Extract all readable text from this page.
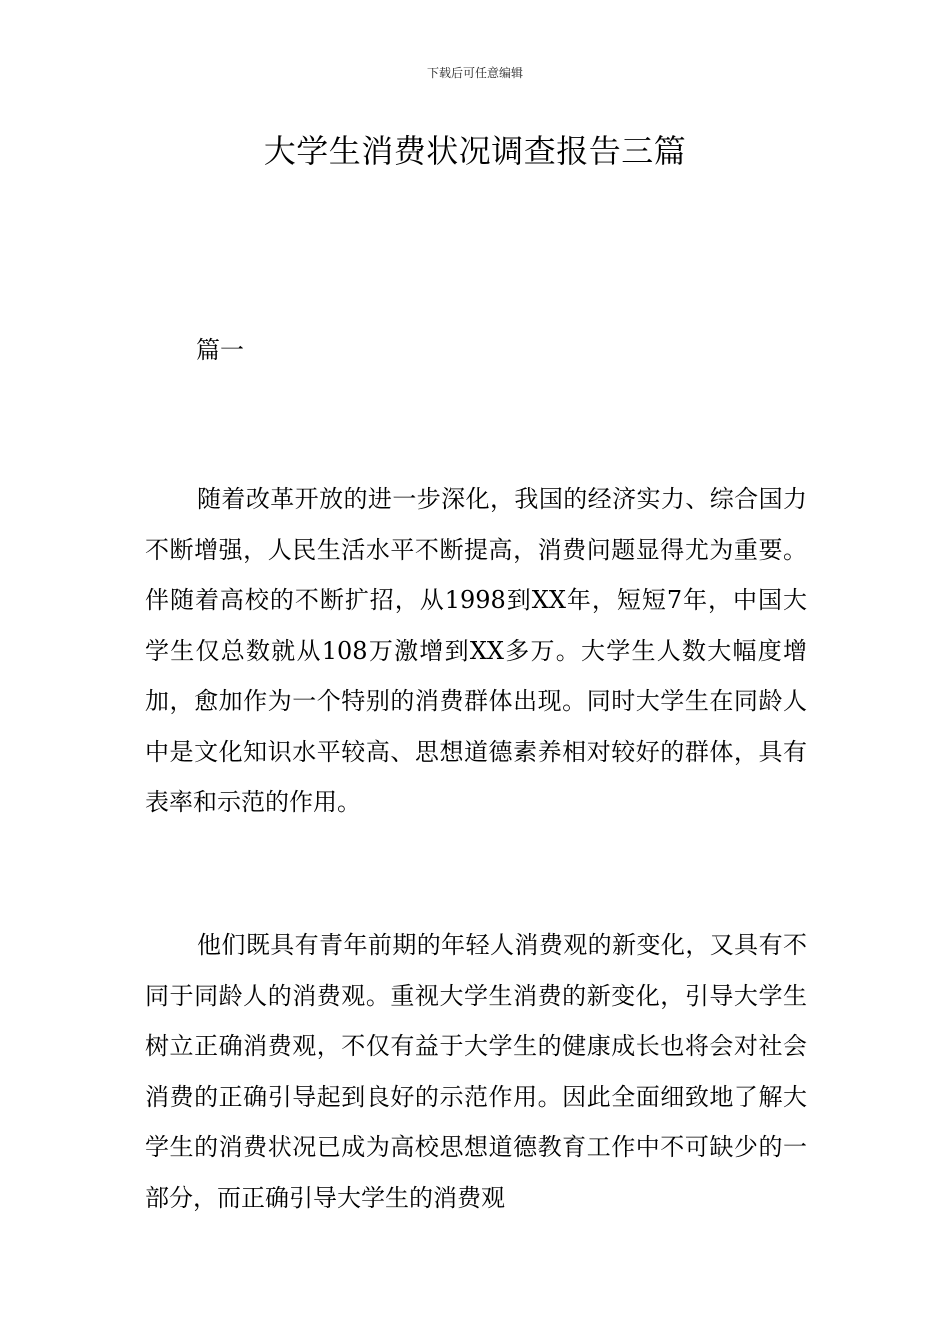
下载后可任意编辑
大学生消费状况调查报告三篇

篇一

随着改革开放的进一步深化，我国的经济实力、综合国力不断增强，人民生活水平不断提高，消费问题显得尤为重要。伴随着高校的不断扩招，从1998到XX年，短短7年，中国大学生仅总数就从108万激增到XX多万。大学生人数大幅度增加，愈加作为一个特别的消费群体出现。同时大学生在同龄人中是文化知识水平较高、思想道德素养相对较好的群体，具有表率和示范的作用。

他们既具有青年前期的年轻人消费观的新变化，又具有不同于同龄人的消费观。重视大学生消费的新变化，引导大学生树立正确消费观，不仅有益于大学生的健康成长也将会对社会消费的正确引导起到良好的示范作用。因此全面细致地了解大学生的消费状况已成为高校思想道德教育工作中不可缺少的一部分，而正确引导大学生的消费观
